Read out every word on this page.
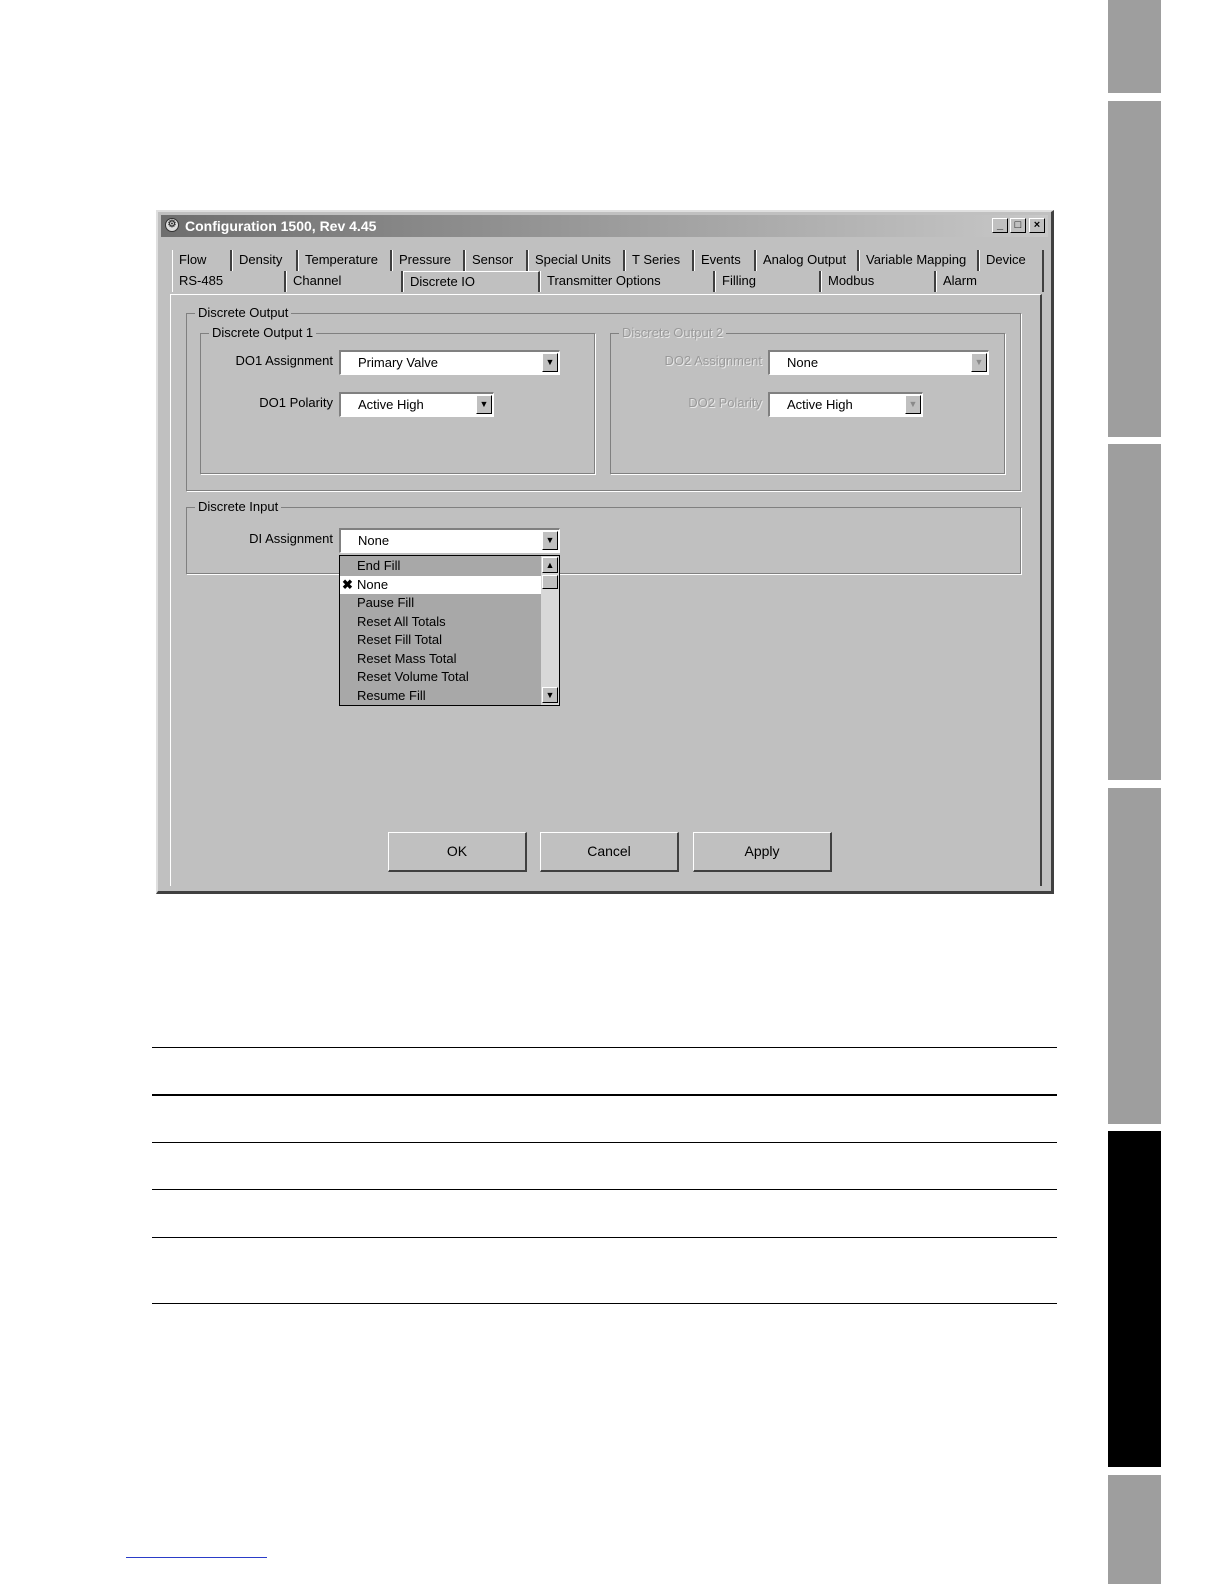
⚙ Configuration 1500, Rev 4.45	_	□	×
Flow	Density	Temperature	Pressure	Sensor	Special Units	T Series	Events	Analog Output	Variable Mapping	Device
RS-485	Channel	Discrete IO	Transmitter Options	Filling	Modbus	Alarm
Discrete Output
Discrete Output 1	Discrete Output 2
DO1 Assignment Primary Valve	▼
DO1 Polarity Active High	▼
DO2 Assignment None	▼
DO2 Polarity Active High	▼
Discrete Input
DI Assignment None	▼
End Fill
✖ None
Pause Fill
Reset All Totals
Reset Fill Total
Reset Mass Total
Reset Volume Total
Resume Fill
▲
▼
OK	Cancel	Apply
